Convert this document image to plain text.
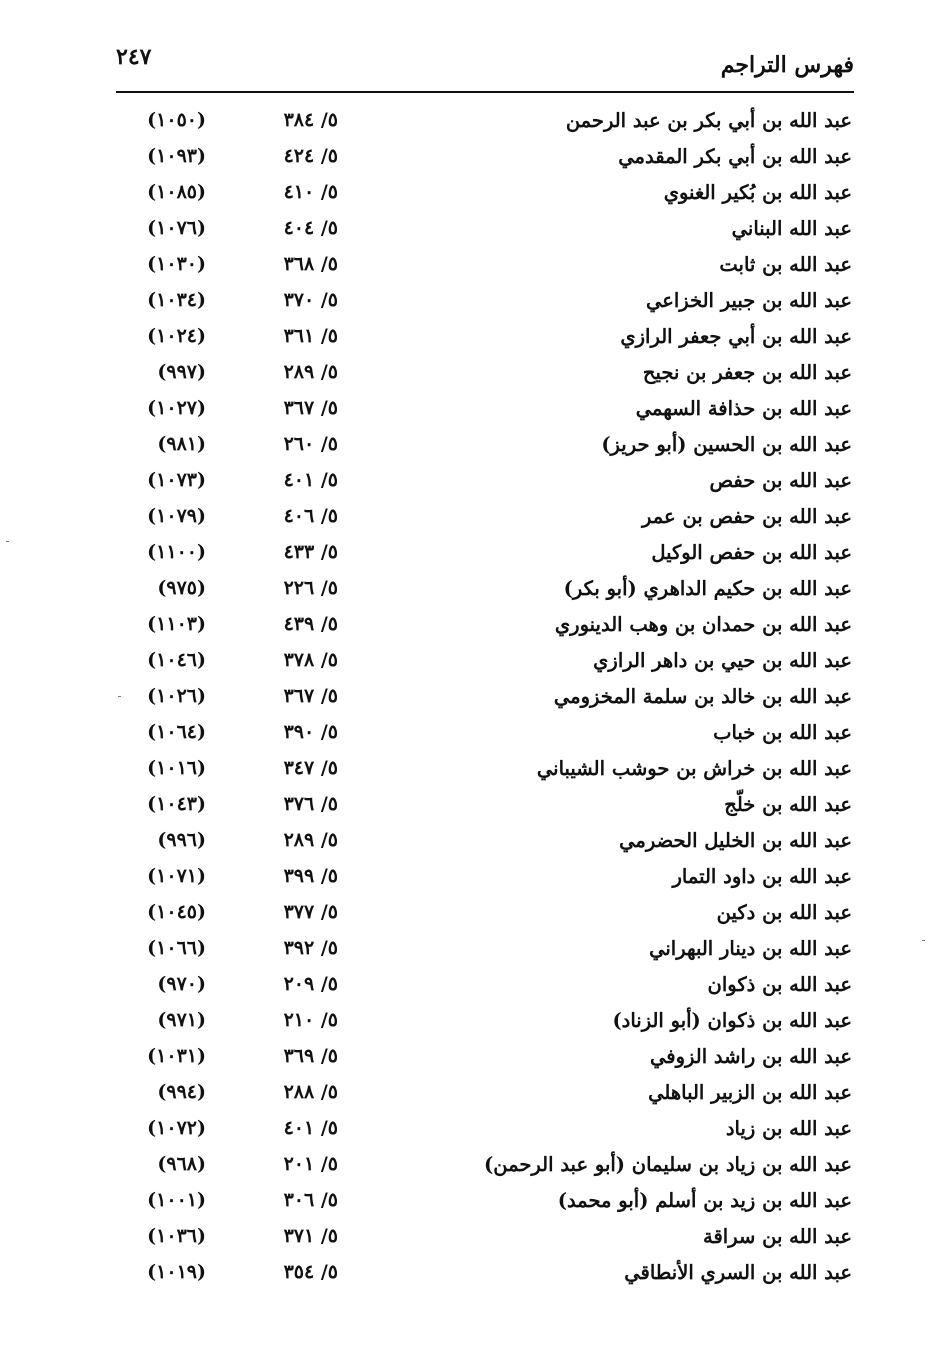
٢٤٧	فهرس التراجم
عبد الله بن أبي بكر بن عبد الرحمن
٥/ ٣٨٤
(١٠٥٠)
عبد الله بن أبي بكر المقدمي
٥/ ٤٢٤
(١٠٩٣)
عبد الله بن بُكير الغنوي
٥/ ٤١٠
(١٠٨٥)
عبد الله البناني
٥/ ٤٠٤
(١٠٧٦)
عبد الله بن ثابت
٥/ ٣٦٨
(١٠٣٠)
عبد الله بن جبير الخزاعي
٥/ ٣٧٠
(١٠٣٤)
عبد الله بن أبي جعفر الرازي
٥/ ٣٦١
(١٠٢٤)
عبد الله بن جعفر بن نجيح
٥/ ٢٨٩
(٩٩٧)
عبد الله بن حذافة السهمي
٥/ ٣٦٧
(١٠٢٧)
عبد الله بن الحسين (أبو حريز)
٥/ ٢٦٠
(٩٨١)
عبد الله بن حفص
٥/ ٤٠١
(١٠٧٣)
عبد الله بن حفص بن عمر
٥/ ٤٠٦
(١٠٧٩)
عبد الله بن حفص الوكيل
٥/ ٤٣٣
(١١٠٠)
عبد الله بن حكيم الداهري (أبو بكر)
٥/ ٢٢٦
(٩٧٥)
عبد الله بن حمدان بن وهب الدينوري
٥/ ٤٣٩
(١١٠٣)
عبد الله بن حيي بن داهر الرازي
٥/ ٣٧٨
(١٠٤٦)
عبد الله بن خالد بن سلمة المخزومي
٥/ ٣٦٧
(١٠٢٦)
عبد الله بن خباب
٥/ ٣٩٠
(١٠٦٤)
عبد الله بن خراش بن حوشب الشيباني
٥/ ٣٤٧
(١٠١٦)
عبد الله بن خلّج
٥/ ٣٧٦
(١٠٤٣)
عبد الله بن الخليل الحضرمي
٥/ ٢٨٩
(٩٩٦)
عبد الله بن داود التمار
٥/ ٣٩٩
(١٠٧١)
عبد الله بن دكين
٥/ ٣٧٧
(١٠٤٥)
عبد الله بن دينار البهراني
٥/ ٣٩٢
(١٠٦٦)
عبد الله بن ذكوان
٥/ ٢٠٩
(٩٧٠)
عبد الله بن ذكوان (أبو الزناد)
٥/ ٢١٠
(٩٧١)
عبد الله بن راشد الزوفي
٥/ ٣٦٩
(١٠٣١)
عبد الله بن الزبير الباهلي
٥/ ٢٨٨
(٩٩٤)
عبد الله بن زياد
٥/ ٤٠١
(١٠٧٢)
عبد الله بن زياد بن سليمان (أبو عبد الرحمن)
٥/ ٢٠١
(٩٦٨)
عبد الله بن زيد بن أسلم (أبو محمد)
٥/ ٣٠٦
(١٠٠١)
عبد الله بن سراقة
٥/ ٣٧١
(١٠٣٦)
عبد الله بن السري الأنطاقي
٥/ ٣٥٤
(١٠١٩)
